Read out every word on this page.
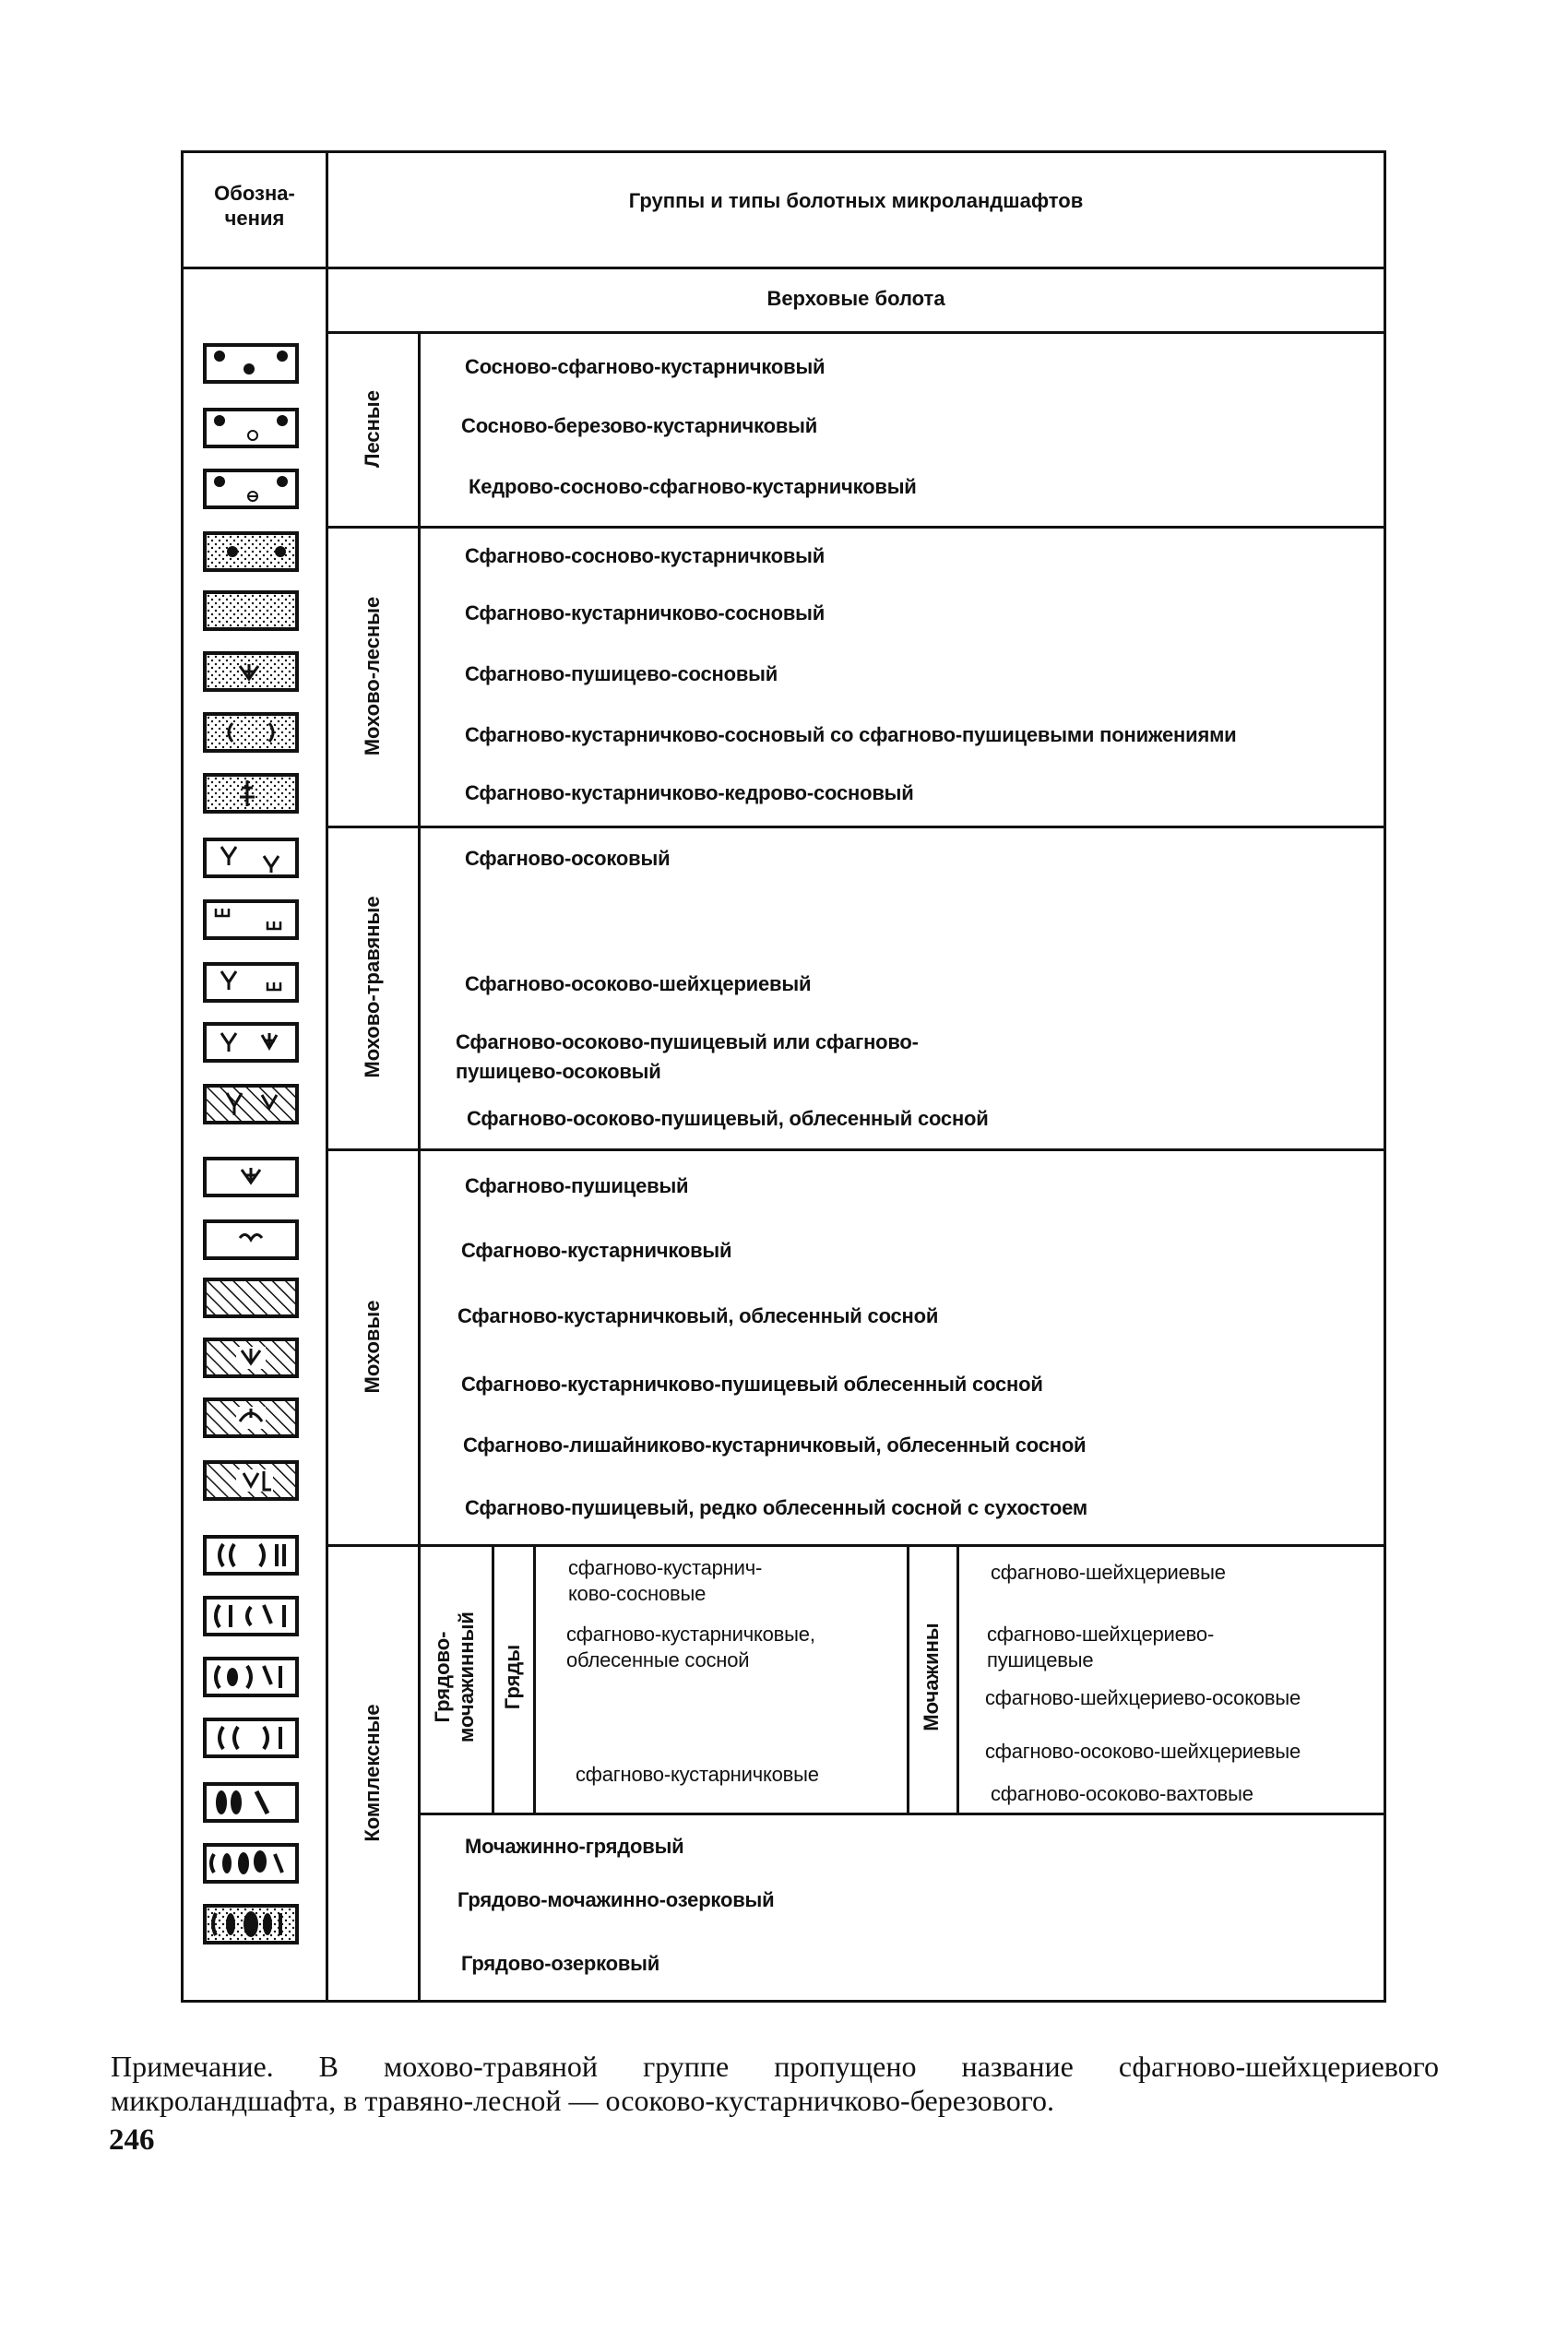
Обозна-
чения
Группы и типы болотных микроландшафтов
Верховые болота
Лесные
Мохово-лесные
Мохово-травяные
Моховые
Комплексные
Грядово-
мочажинный Гряды	Мочажины
Сосново-сфагново-кустарничковый
Сосново-березово-кустарничковый
Кедрово-сосново-сфагново-кустарничковый
Сфагново-сосново-кустарничковый
Сфагново-кустарничково-сосновый
Сфагново-пушицево-сосновый
Сфагново-кустарничково-сосновый со сфагново-пушицевыми понижениями
Сфагново-кустарничково-кедрово-сосновый
Сфагново-осоковый
Сфагново-осоково-шейхцериевый
Сфагново-осоково-пушицевый или сфагново-
пушицево-осоковый
Сфагново-осоково-пушицевый, облесенный сосной
Сфагново-пушицевый
Сфагново-кустарничковый
Сфагново-кустарничковый, облесенный сосной
Сфагново-кустарничково-пушицевый облесенный сосной
Сфагново-лишайниково-кустарничковый, облесенный сосной
Сфагново-пушицевый, редко облесенный сосной с сухостоем
сфагново-кустарнич-
ково-сосновые
сфагново-кустарничковые,
облесенные сосной
сфагново-кустарничковые
сфагново-шейхцериевые
сфагново-шейхцериево-
пушицевые
сфагново-шейхцериево-осоковые
сфагново-осоково-шейхцериевые
сфагново-осоково-вахтовые
Мочажинно-грядовый
Грядово-мочажинно-озерковый
Грядово-озерковый
Примечание. В мохово-травяной группе пропущено название сфагново-шейхцериевого микроландшафта, в травяно-лесной — осоково-кустарничково-березового.
246
